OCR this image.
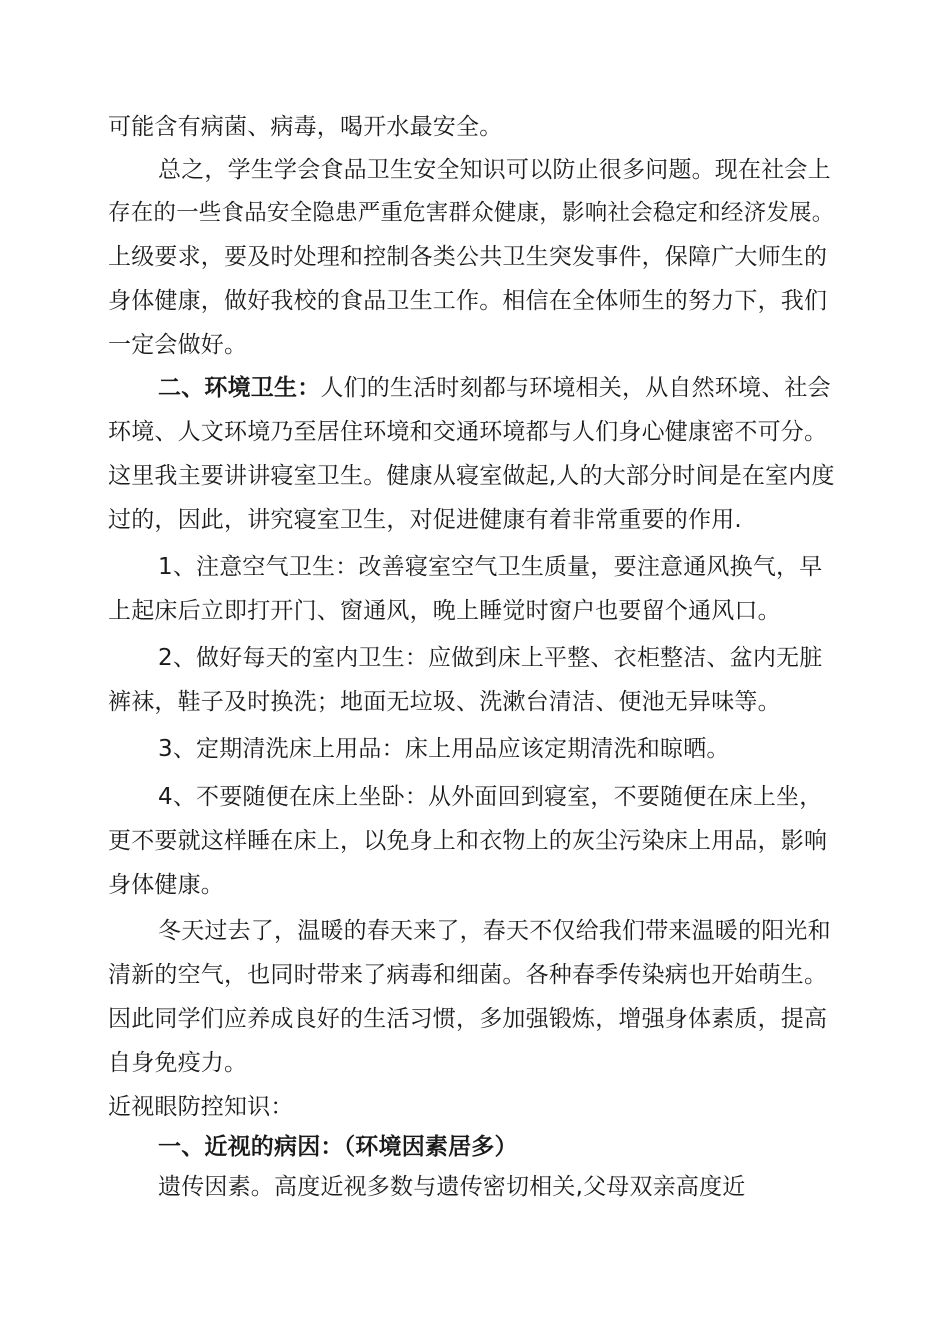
可能含有病菌、病毒，喝开水最安全。
总之，学生学会食品卫生安全知识可以防止很多问题。现在社会上
存在的一些食品安全隐患严重危害群众健康，影响社会稳定和经济发展。
上级要求，要及时处理和控制各类公共卫生突发事件，保障广大师生的
身体健康，做好我校的食品卫生工作。相信在全体师生的努力下，我们
一定会做好。
二、环境卫生：人们的生活时刻都与环境相关，从自然环境、社会
环境、人文环境乃至居住环境和交通环境都与人们身心健康密不可分。
这里我主要讲讲寝室卫生。健康从寝室做起,人的大部分时间是在室内度
过的，因此，讲究寝室卫生，对促进健康有着非常重要的作用.
1、注意空气卫生：改善寝室空气卫生质量，要注意通风换气，早
上起床后立即打开门、窗通风，晚上睡觉时窗户也要留个通风口。
2、做好每天的室内卫生：应做到床上平整、衣柜整洁、盆内无脏
裤袜，鞋子及时换洗；地面无垃圾、洗漱台清洁、便池无异味等。
3、定期清洗床上用品：床上用品应该定期清洗和晾晒。
4、不要随便在床上坐卧：从外面回到寝室，不要随便在床上坐，
更不要就这样睡在床上，以免身上和衣物上的灰尘污染床上用品，影响
身体健康。
冬天过去了，温暖的春天来了，春天不仅给我们带来温暖的阳光和
清新的空气，也同时带来了病毒和细菌。各种春季传染病也开始萌生。
因此同学们应养成良好的生活习惯，多加强锻炼，增强身体素质，提高
自身免疫力。
近视眼防控知识：
一、近视的病因：（环境因素居多）
遗传因素。高度近视多数与遗传密切相关,父母双亲高度近
